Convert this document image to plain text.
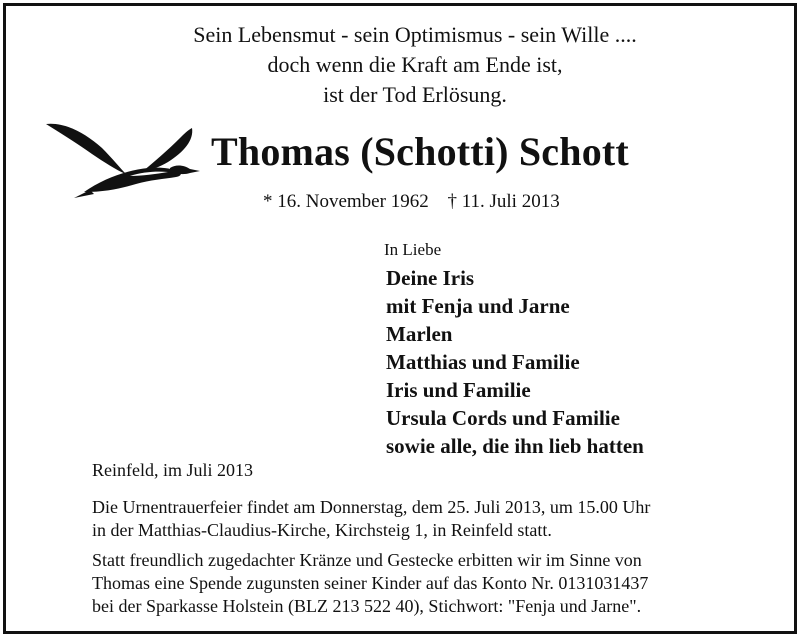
Sein Lebensmut - sein Optimismus - sein Wille ....
doch wenn die Kraft am Ende ist,
ist der Tod Erlösung.
Thomas (Schotti) Schott
* 16. November 1962 † 11. Juli 2013
In Liebe
Deine Iris
mit Fenja und Jarne
Marlen
Matthias und Familie
Iris und Familie
Ursula Cords und Familie
sowie alle, die ihn lieb hatten
Reinfeld, im Juli 2013
Die Urnentrauerfeier findet am Donnerstag, dem 25. Juli 2013, um 15.00 Uhr
in der Matthias-Claudius-Kirche, Kirchsteig 1, in Reinfeld statt.
Statt freundlich zugedachter Kränze und Gestecke erbitten wir im Sinne von
Thomas eine Spende zugunsten seiner Kinder auf das Konto Nr. 0131031437
bei der Sparkasse Holstein (BLZ 213 522 40), Stichwort: "Fenja und Jarne".
